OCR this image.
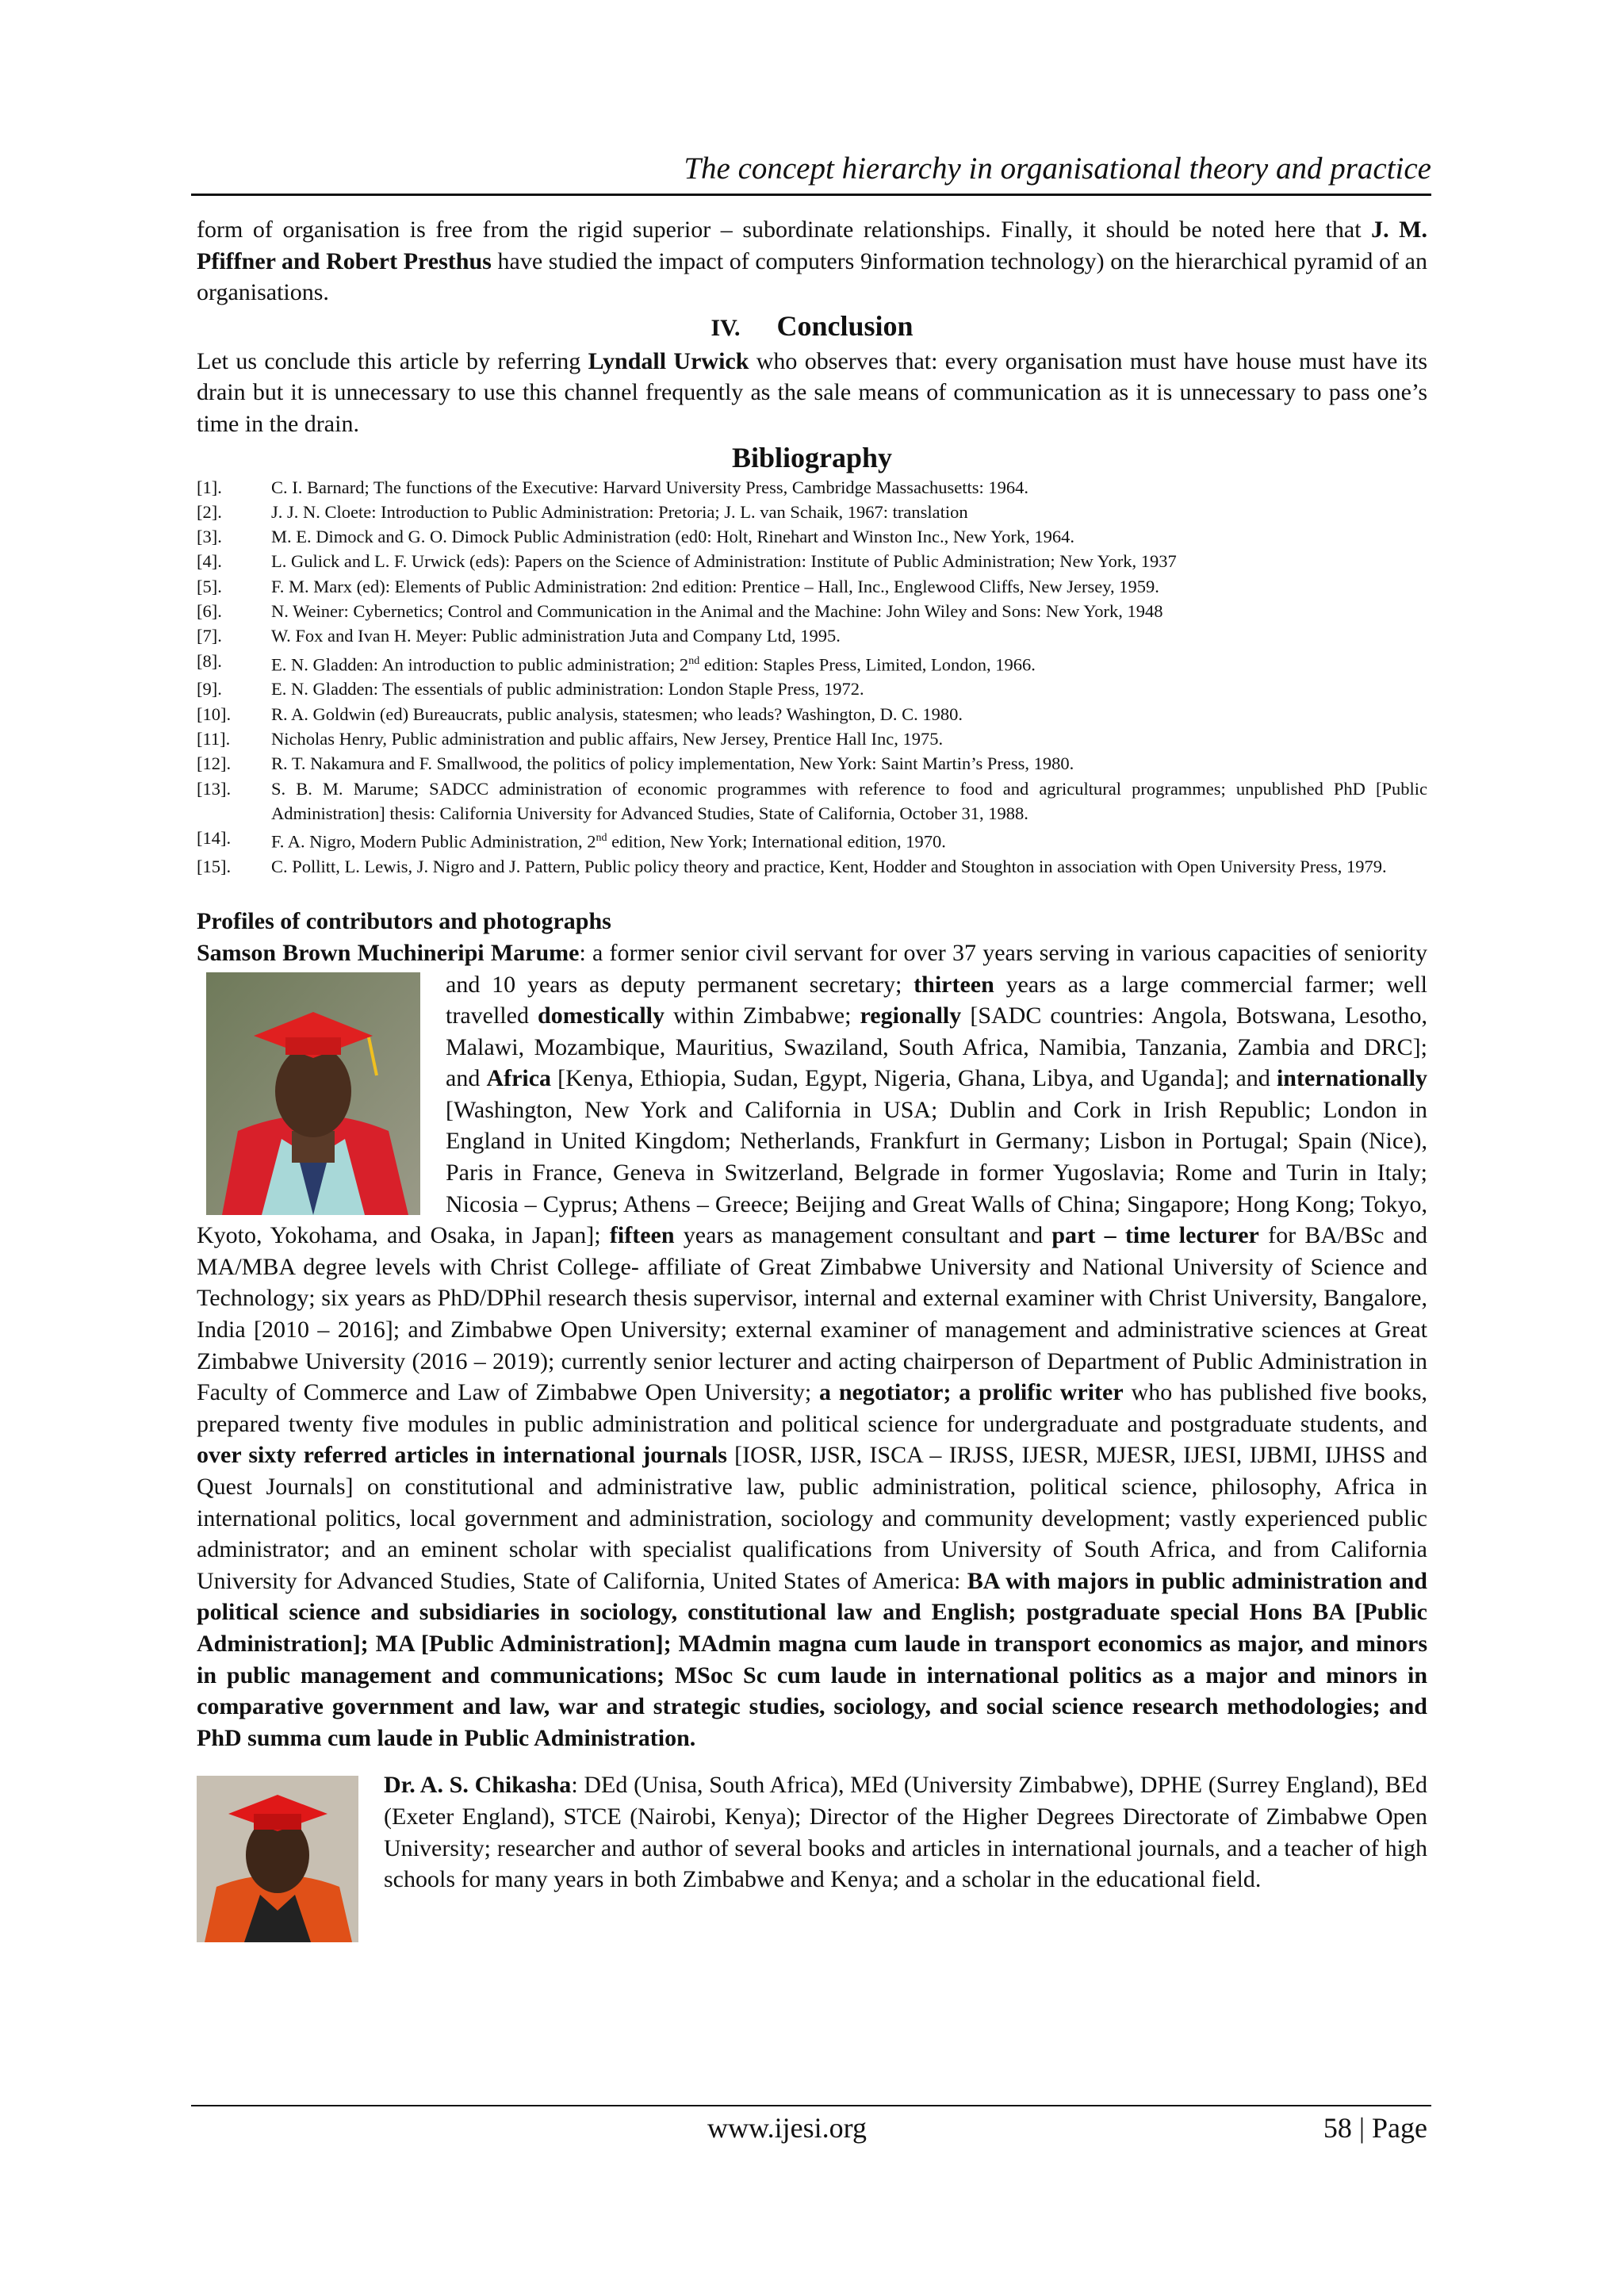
The concept hierarchy in organisational theory and practice

form of organisation is free from the rigid superior – subordinate relationships. Finally, it should be noted here that J. M. Pfiffner and Robert Presthus have studied the impact of computers 9information technology) on the hierarchical pyramid of an organisations.

IV. Conclusion

Let us conclude this article by referring Lyndall Urwick who observes that: every organisation must have house must have its drain but it is unnecessary to use this channel frequently as the sale means of communication as it is unnecessary to pass one’s time in the drain.

Bibliography
[1].	C. I. Barnard; The functions of the Executive: Harvard University Press, Cambridge Massachusetts: 1964.
[2].	J. J. N. Cloete: Introduction to Public Administration: Pretoria; J. L. van Schaik, 1967: translation
[3].	M. E. Dimock and G. O. Dimock Public Administration (ed0: Holt, Rinehart and Winston Inc., New York, 1964.
[4].	L. Gulick and L. F. Urwick (eds): Papers on the Science of Administration: Institute of Public Administration; New York, 1937
[5].	F. M. Marx (ed): Elements of Public Administration: 2nd edition: Prentice – Hall, Inc., Englewood Cliffs, New Jersey, 1959.
[6].	N. Weiner: Cybernetics; Control and Communication in the Animal and the Machine: John Wiley and Sons: New York, 1948
[7].	W. Fox and Ivan H. Meyer: Public administration Juta and Company Ltd, 1995.
[8].	E. N. Gladden: An introduction to public administration; 2nd edition: Staples Press, Limited, London, 1966.
[9].	E. N. Gladden: The essentials of public administration: London Staple Press, 1972.
[10].	R. A. Goldwin (ed) Bureaucrats, public analysis, statesmen; who leads? Washington, D. C. 1980.
[11].	Nicholas Henry, Public administration and public affairs, New Jersey, Prentice Hall Inc, 1975.
[12].	R. T. Nakamura and F. Smallwood, the politics of policy implementation, New York: Saint Martin’s Press, 1980.
[13].	S. B. M. Marume; SADCC administration of economic programmes with reference to food and agricultural programmes; unpublished PhD [Public Administration] thesis: California University for Advanced Studies, State of California, October 31, 1988.
[14].	F. A. Nigro, Modern Public Administration, 2nd edition, New York; International edition, 1970.
[15].	C. Pollitt, L. Lewis, J. Nigro and J. Pattern, Public policy theory and practice, Kent, Hodder and Stoughton in association with Open University Press, 1979.

Profiles of contributors and photographs

Samson Brown Muchineripi Marume: a former senior civil servant for over 37 years serving in various capacities of seniority and 10 years as deputy permanent secretary;
thirteen years as a large commercial farmer; well travelled domestically within Zimbabwe; regionally [SADC countries: Angola, Botswana, Lesotho, Malawi, Mozambique, Mauritius, Swaziland, South Africa, Namibia, Tanzania, Zambia and DRC]; and Africa [Kenya, Ethiopia, Sudan, Egypt, Nigeria, Ghana, Libya, and Uganda]; and internationally [Washington, New York and California in USA; Dublin and Cork in Irish Republic; London in England in United Kingdom; Netherlands, Frankfurt in Germany; Lisbon in Portugal; Spain (Nice), Paris in France, Geneva in Switzerland, Belgrade in former Yugoslavia; Rome and Turin in Italy; Nicosia – Cyprus; Athens – Greece; Beijing and Great Walls of China; Singapore; Hong Kong; Tokyo, Kyoto, Yokohama, and Osaka, in Japan]; fifteen years as management consultant and part – time lecturer for BA/BSc and MA/MBA degree levels with Christ College- affiliate of Great Zimbabwe University and National University of Science and Technology; six years as PhD/DPhil research thesis supervisor, internal and external examiner with Christ University, Bangalore, India [2010 – 2016]; and Zimbabwe Open University; external examiner of management and administrative sciences at Great Zimbabwe University (2016 – 2019); currently senior lecturer and acting chairperson of Department of Public Administration in Faculty of Commerce and Law of Zimbabwe Open University; a negotiator; a prolific writer who has published five books, prepared twenty five modules in public administration and political science for undergraduate and postgraduate students, and over sixty referred articles in international journals [IOSR, IJSR, ISCA – IRJSS, IJESR, MJESR, IJESI, IJBMI, IJHSS and Quest Journals] on constitutional and administrative law, public administration, political science, philosophy, Africa in international politics, local government and administration, sociology and community development; vastly experienced public administrator; and an eminent scholar with specialist qualifications from University of South Africa, and from California University for Advanced Studies, State of California, United States of America: BA with majors in public administration and political science and subsidiaries in sociology, constitutional law and English; postgraduate special Hons BA [Public Administration]; MA [Public Administration]; MAdmin magna cum laude in transport economics as major, and minors in public management and communications; MSoc Sc cum laude in international politics as a major and minors in comparative government and law, war and strategic studies, sociology, and social science research methodologies; and PhD summa cum laude in Public Administration.

Dr. A. S. Chikasha: DEd (Unisa, South Africa), MEd (University Zimbabwe), DPHE (Surrey England), BEd (Exeter England), STCE (Nairobi, Kenya); Director of the Higher Degrees Directorate of Zimbabwe Open University; researcher and author of several books and articles in international journals, and a teacher of high schools for many years in both Zimbabwe and Kenya; and a scholar in the educational field.

www.ijesi.org	58 | Page
